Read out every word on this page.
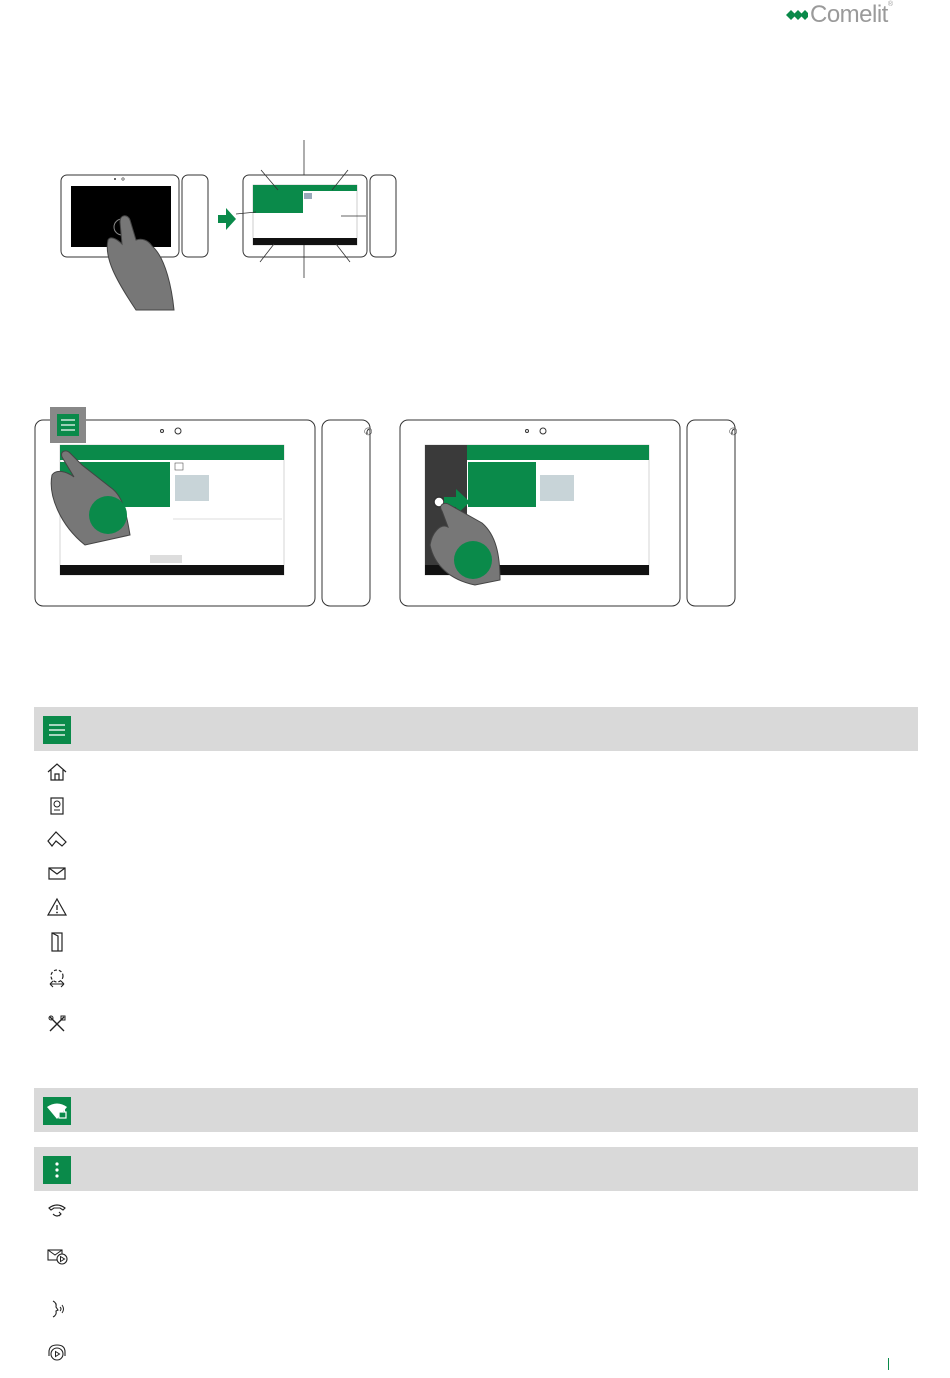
Comelit®
✆	✆
